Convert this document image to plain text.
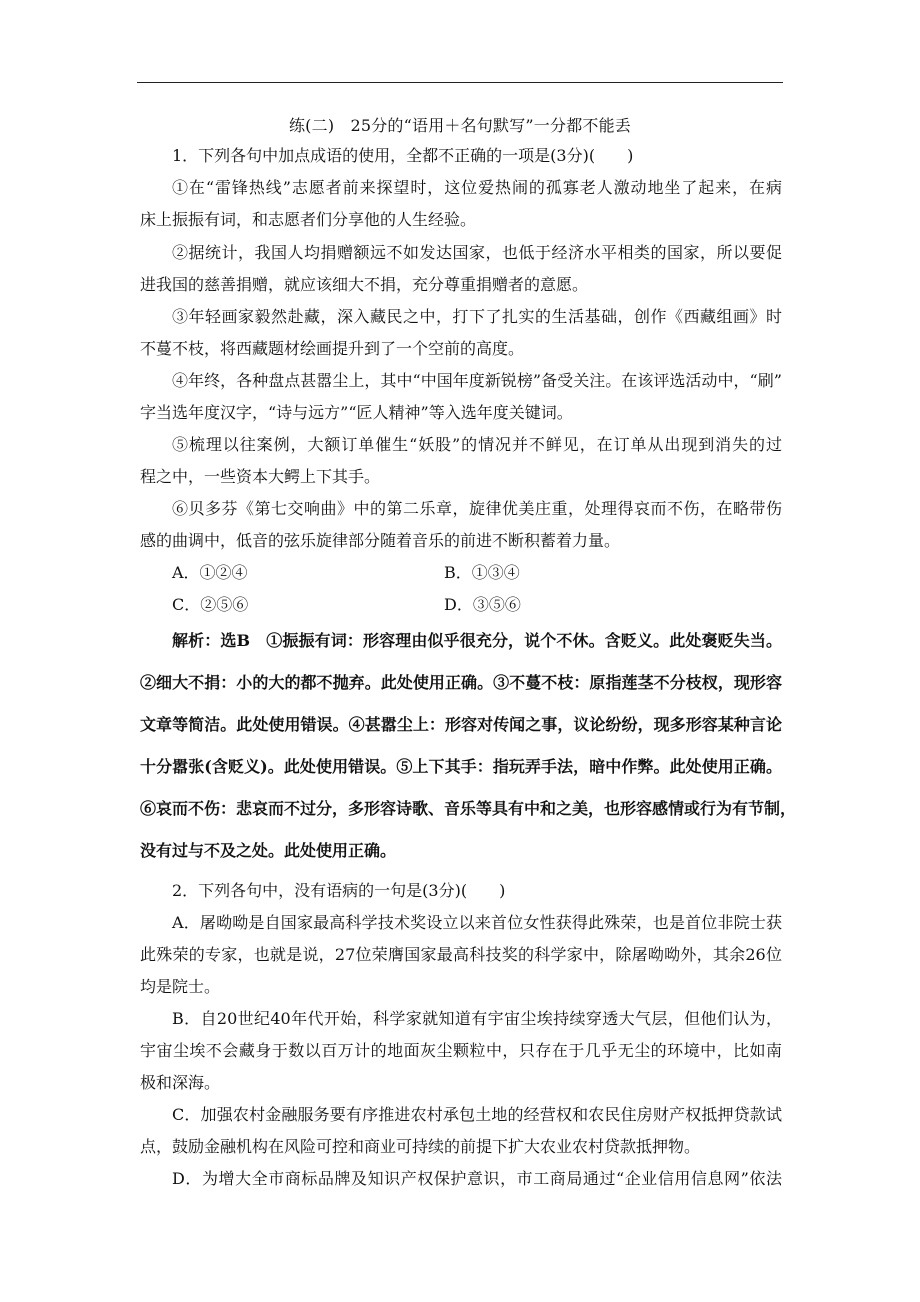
练(二)　25分的“语用＋名句默写”一分都不能丢
1．下列各句中加点成语的使用，全都不正确的一项是(3分)(　　)
①在“雷锋热线”志愿者前来探望时，这位爱热闹的孤寡老人激动地坐了起来，在病
床上振振有词，和志愿者们分享他的人生经验。
②据统计，我国人均捐赠额远不如发达国家，也低于经济水平相类的国家，所以要促
进我国的慈善捐赠，就应该细大不捐，充分尊重捐赠者的意愿。
③年轻画家毅然赴藏，深入藏民之中，打下了扎实的生活基础，创作《西藏组画》时
不蔓不枝，将西藏题材绘画提升到了一个空前的高度。
④年终，各种盘点甚嚣尘上，其中“中国年度新锐榜”备受关注。在该评选活动中，“刷”
字当选年度汉字，“诗与远方”“匠人精神”等入选年度关键词。
⑤梳理以往案例，大额订单催生“妖股”的情况并不鲜见，在订单从出现到消失的过
程之中，一些资本大鳄上下其手。
⑥贝多芬《第七交响曲》中的第二乐章，旋律优美庄重，处理得哀而不伤，在略带伤
感的曲调中，低音的弦乐旋律部分随着音乐的前进不断积蓄着力量。
A．①②④	B．①③④
C．②⑤⑥	D．③⑤⑥
解析：选B　①振振有词：形容理由似乎很充分，说个不休。含贬义。此处褒贬失当。
②细大不捐：小的大的都不抛弃。此处使用正确。③不蔓不枝：原指莲茎不分枝杈，现形容
文章等简洁。此处使用错误。④甚嚣尘上：形容对传闻之事，议论纷纷，现多形容某种言论
十分嚣张(含贬义)。此处使用错误。⑤上下其手：指玩弄手法，暗中作弊。此处使用正确。
⑥哀而不伤：悲哀而不过分，多形容诗歌、音乐等具有中和之美，也形容感情或行为有节制，
没有过与不及之处。此处使用正确。
2．下列各句中，没有语病的一句是(3分)(　　)
A．屠呦呦是自国家最高科学技术奖设立以来首位女性获得此殊荣，也是首位非院士获
此殊荣的专家，也就是说，27位荣膺国家最高科技奖的科学家中，除屠呦呦外，其余26位
均是院士。
B．自20世纪40年代开始，科学家就知道有宇宙尘埃持续穿透大气层，但他们认为，
宇宙尘埃不会藏身于数以百万计的地面灰尘颗粒中，只存在于几乎无尘的环境中，比如南
极和深海。
C．加强农村金融服务要有序推进农村承包土地的经营权和农民住房财产权抵押贷款试
点，鼓励金融机构在风险可控和商业可持续的前提下扩大农业农村贷款抵押物。
D．为增大全市商标品牌及知识产权保护意识，市工商局通过“企业信用信息网”依法
